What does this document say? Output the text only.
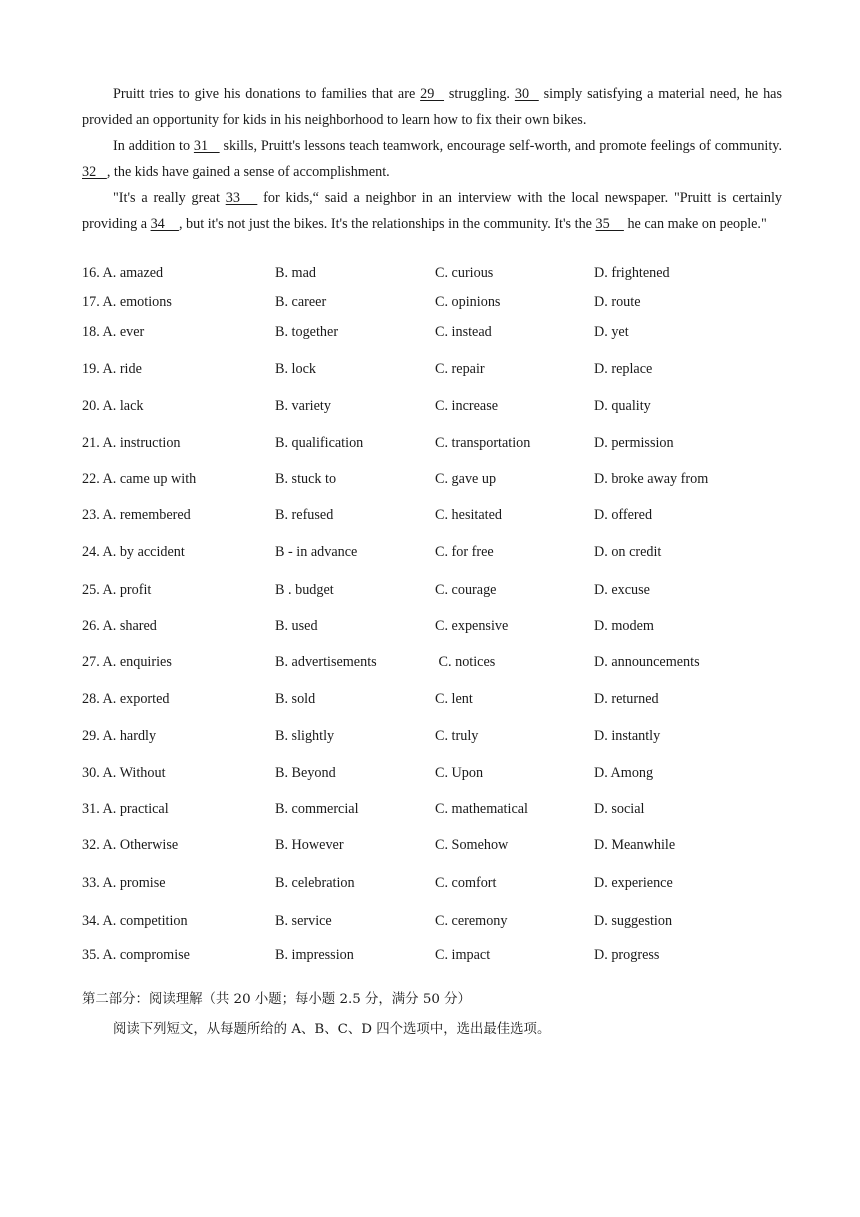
Pruitt tries to give his donations to families that are 29   struggling. 30   simply satisfying a material need, he has provided an opportunity for kids in his neighborhood to learn how to fix their own bikes.

In addition to 31    skills, Pruitt's lessons teach teamwork, encourage self-worth, and promote feelings of community. 32   , the kids have gained a sense of accomplishment.

"It's a really great 33    for kids,“ said a neighbor in an interview with the local newspaper. "Pruitt is certainly providing a 34    , but it's not just the bikes. It's the relationships in the community. It's the 35     he can make on people."

16. A. amazed	B. mad	C. curious	D. frightened
17. A. emotions	B. career	C. opinions	D. route
18. A. ever	B. together	C. instead	D. yet
19. A. ride	B. lock	C. repair	D. replace
20. A. lack	B. variety	C. increase	D. quality
21. A. instruction	B. qualification	C. transportation	D. permission
22. A. came up with	B. stuck to	C. gave up	D. broke away from
23. A. remembered	B. refused	C. hesitated	D. offered
24. A. by accident	B - in advance	C. for free	D. on credit
25. A. profit	B . budget	C. courage	D. excuse
26. A. shared	B. used	C. expensive	D. modem
27. A. enquiries	B. advertisements	C. notices	D. announcements
28. A. exported	B. sold	C. lent	D. returned
29. A. hardly	B. slightly	C. truly	D. instantly
30. A. Without	B. Beyond	C. Upon	D. Among
31. A. practical	B. commercial	C. mathematical	D. social
32. A. Otherwise	B. However	C. Somehow	D. Meanwhile
33. A. promise	B. celebration	C. comfort	D. experience
34. A. competition	B. service	C. ceremony	D. suggestion
35. A. compromise	B. impression	C. impact	D. progress
第二部分：阅读理解（共 20 小题；每小题 2.5 分，满分 50 分）
阅读下列短文，从每题所给的 A、B、C、D 四个选项中，选出最佳选项。
